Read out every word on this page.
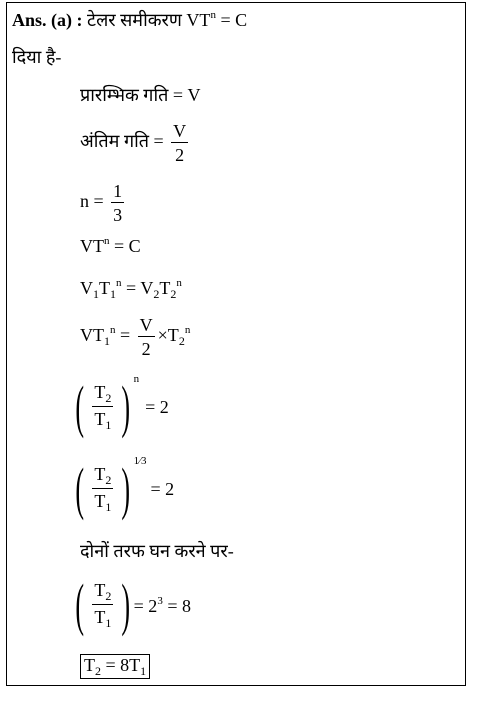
Ans. (a) : टेलर समीकरण $VT^n = C$
दिया है-
प्रारम्भिक गति = V
अंतिम गति = $\frac{V}{2}$
$n = \frac{1}{3}$
$VT^n = C$
$V_1T_1^n = V_2T_2^n$
$VT_1^n = \frac{V}{2} \times T_2^n$
( $\frac{T_2}{T_1}$ ) n
= 2
( $\frac{T_2}{T_1}$ ) 1⁄3
= 2
दोनों तरफ घन करने पर-
( $\frac{T_2}{T_1}$ ) = $2^3 = 8$
$T_2 = 8T_1$
